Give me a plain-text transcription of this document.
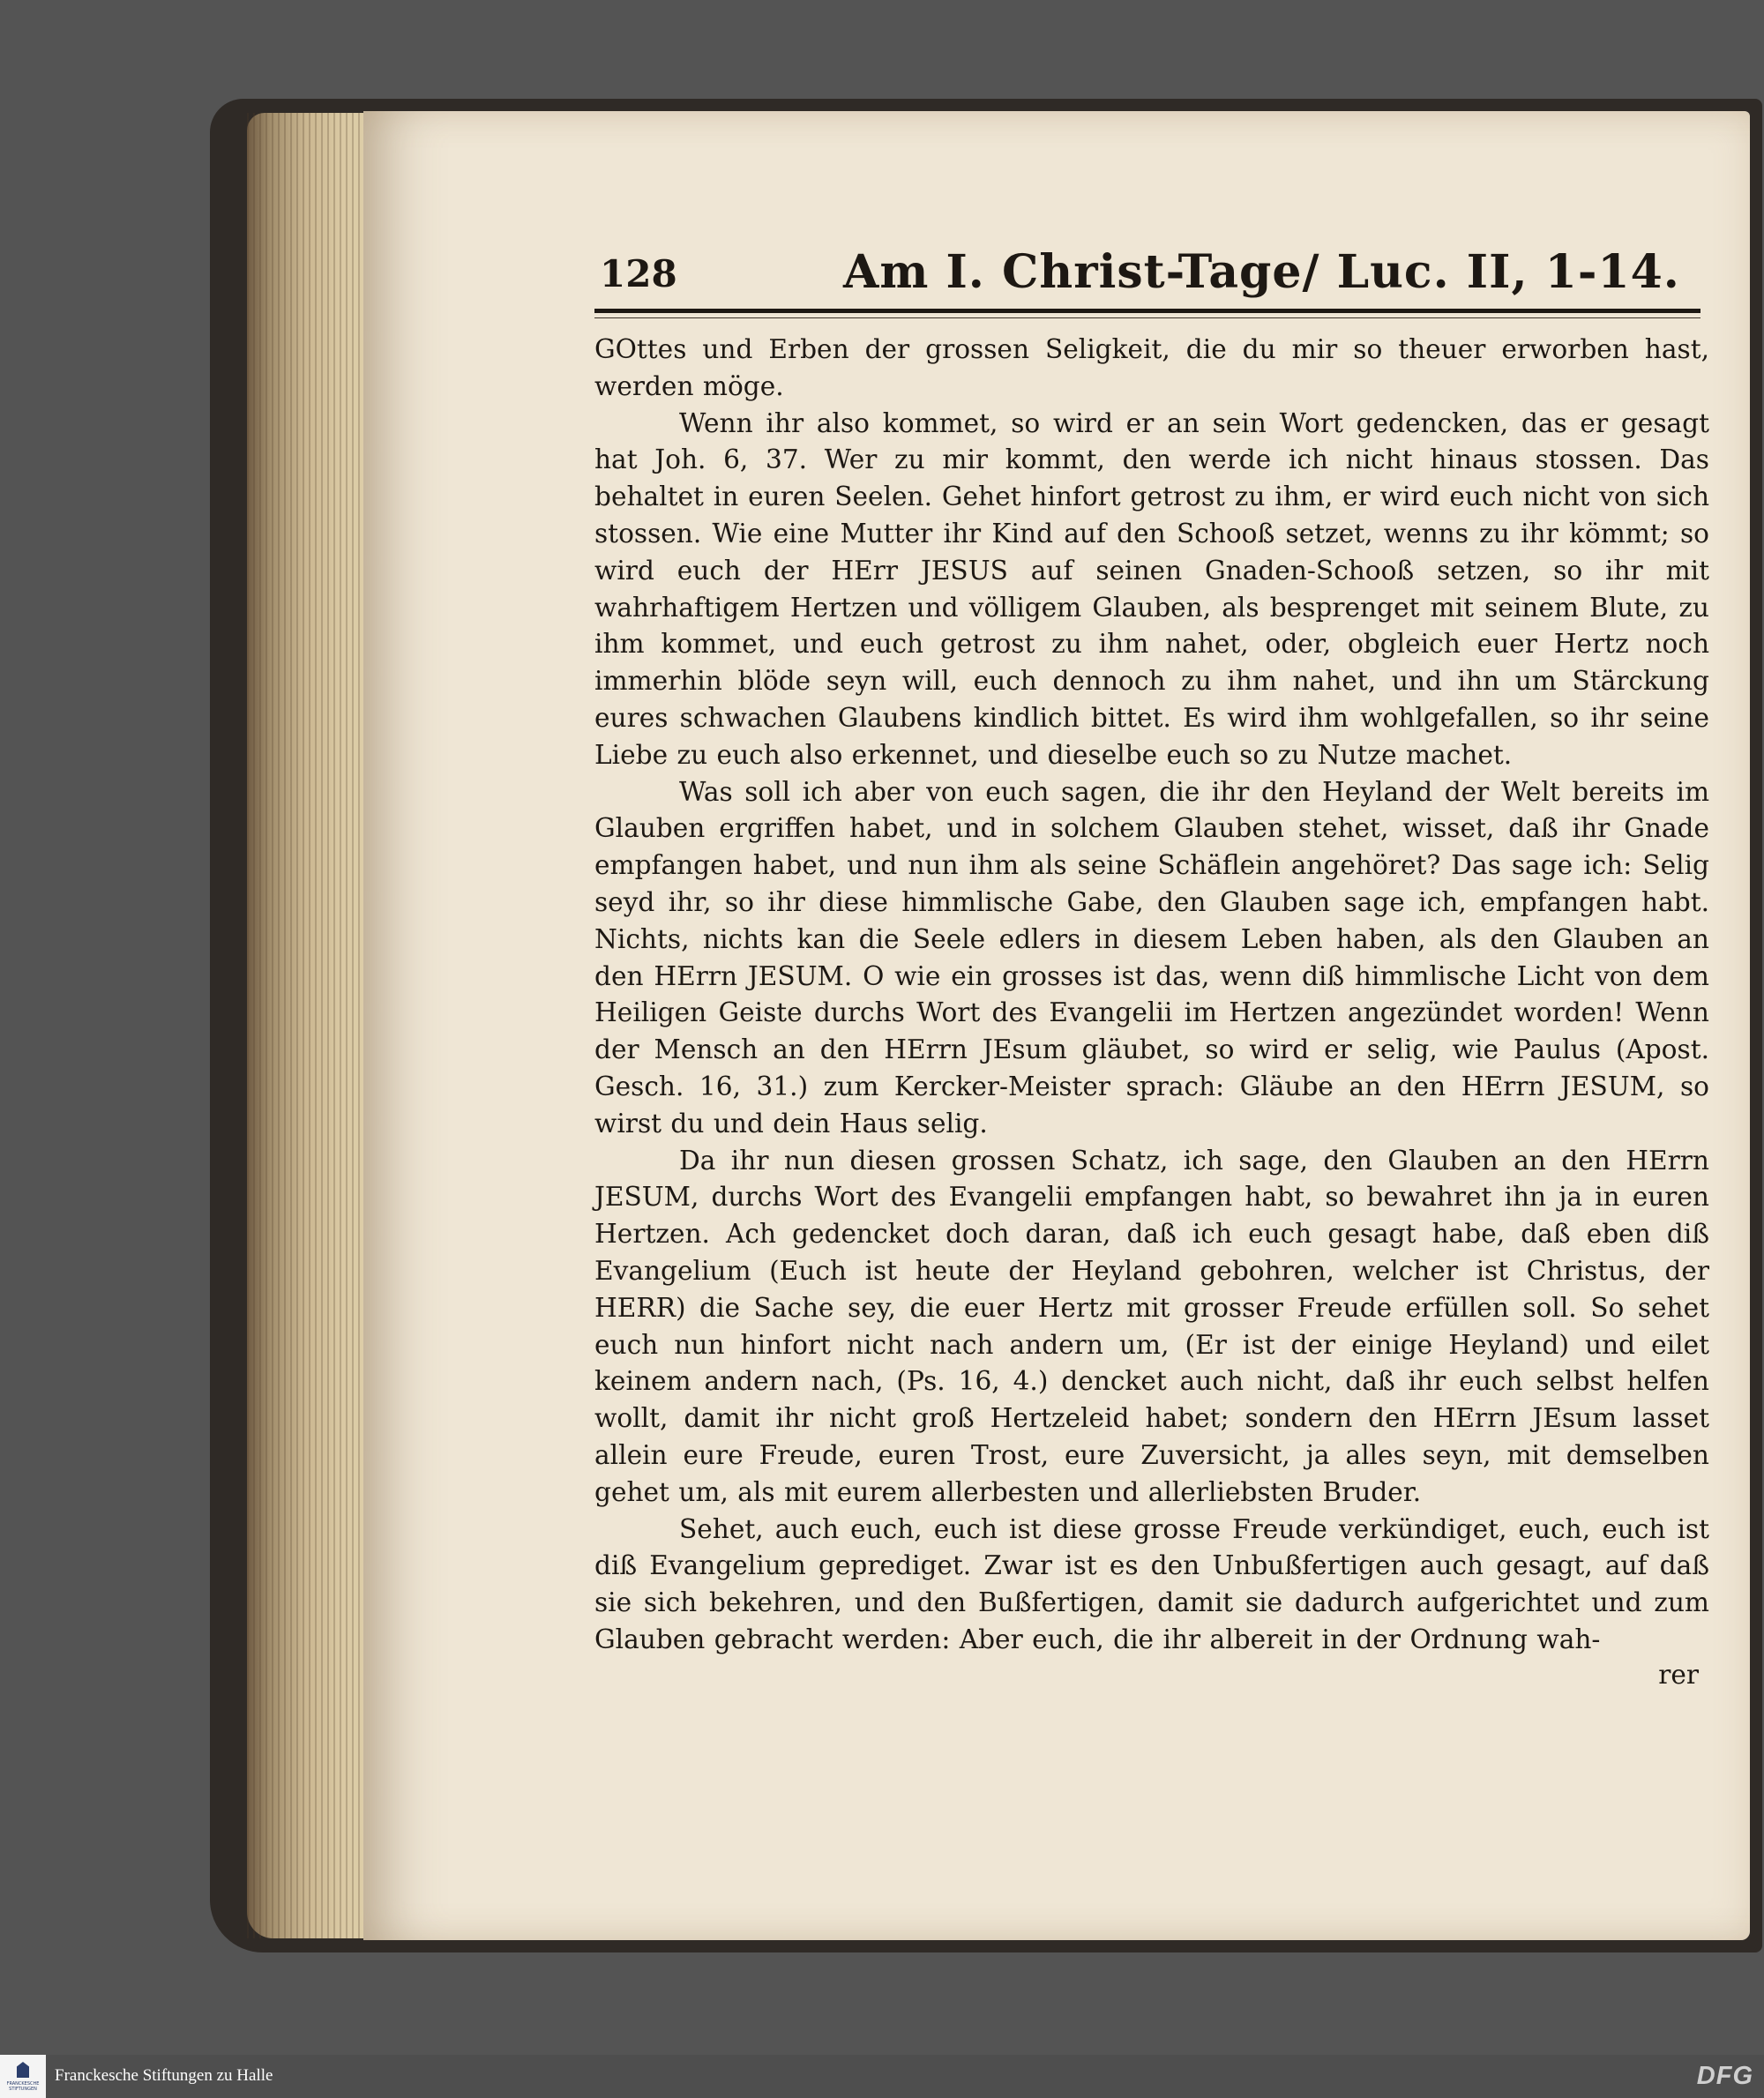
128	Am I. Christ-Tage/ Luc. II, 1-14.

GOttes und Erben der grossen Seligkeit, die du mir so theuer erworben hast, werden möge.

Wenn ihr also kommet, so wird er an sein Wort gedencken, das er gesagt hat Joh. 6, 37. Wer zu mir kommt, den werde ich nicht hinaus stossen. Das behaltet in euren Seelen. Gehet hinfort getrost zu ihm, er wird euch nicht von sich stossen. Wie eine Mutter ihr Kind auf den Schooß setzet, wenns zu ihr kömmt; so wird euch der HErr JESUS auf seinen Gnaden-Schooß setzen, so ihr mit wahrhaftigem Hertzen und völligem Glauben, als besprenget mit seinem Blute, zu ihm kommet, und euch getrost zu ihm nahet, oder, obgleich euer Hertz noch immerhin blöde seyn will, euch dennoch zu ihm nahet, und ihn um Stärckung eures schwachen Glaubens kindlich bittet. Es wird ihm wohlgefallen, so ihr seine Liebe zu euch also erkennet, und dieselbe euch so zu Nutze machet.

Was soll ich aber von euch sagen, die ihr den Heyland der Welt bereits im Glauben ergriffen habet, und in solchem Glauben stehet, wisset, daß ihr Gnade empfangen habet, und nun ihm als seine Schäflein angehöret? Das sage ich: Selig seyd ihr, so ihr diese himmlische Gabe, den Glauben sage ich, empfangen habt. Nichts, nichts kan die Seele edlers in diesem Leben haben, als den Glauben an den HErrn JESUM. O wie ein grosses ist das, wenn diß himmlische Licht von dem Heiligen Geiste durchs Wort des Evangelii im Hertzen angezündet worden! Wenn der Mensch an den HErrn JEsum gläubet, so wird er selig, wie Paulus (Apost. Gesch. 16, 31.) zum Kercker-Meister sprach: Gläube an den HErrn JESUM, so wirst du und dein Haus selig.

Da ihr nun diesen grossen Schatz, ich sage, den Glauben an den HErrn JESUM, durchs Wort des Evangelii empfangen habt, so bewahret ihn ja in euren Hertzen. Ach gedencket doch daran, daß ich euch gesagt habe, daß eben diß Evangelium (Euch ist heute der Heyland gebohren, welcher ist Christus, der HERR) die Sache sey, die euer Hertz mit grosser Freude erfüllen soll. So sehet euch nun hinfort nicht nach andern um, (Er ist der einige Heyland) und eilet keinem andern nach, (Ps. 16, 4.) dencket auch nicht, daß ihr euch selbst helfen wollt, damit ihr nicht groß Hertzeleid habet; sondern den HErrn JEsum lasset allein eure Freude, euren Trost, eure Zuversicht, ja alles seyn, mit demselben gehet um, als mit eurem allerbesten und allerliebsten Bruder.

Sehet, auch euch, euch ist diese grosse Freude verkündiget, euch, euch ist diß Evangelium geprediget. Zwar ist es den Unbußfertigen auch gesagt, auf daß sie sich bekehren, und den Bußfertigen, damit sie dadurch aufgerichtet und zum Glauben gebracht werden: Aber euch, die ihr albereit in der Ordnung wah-

rer
FRANCKESCHE STIFTUNGEN
Franckesche Stiftungen zu Halle	DFG
